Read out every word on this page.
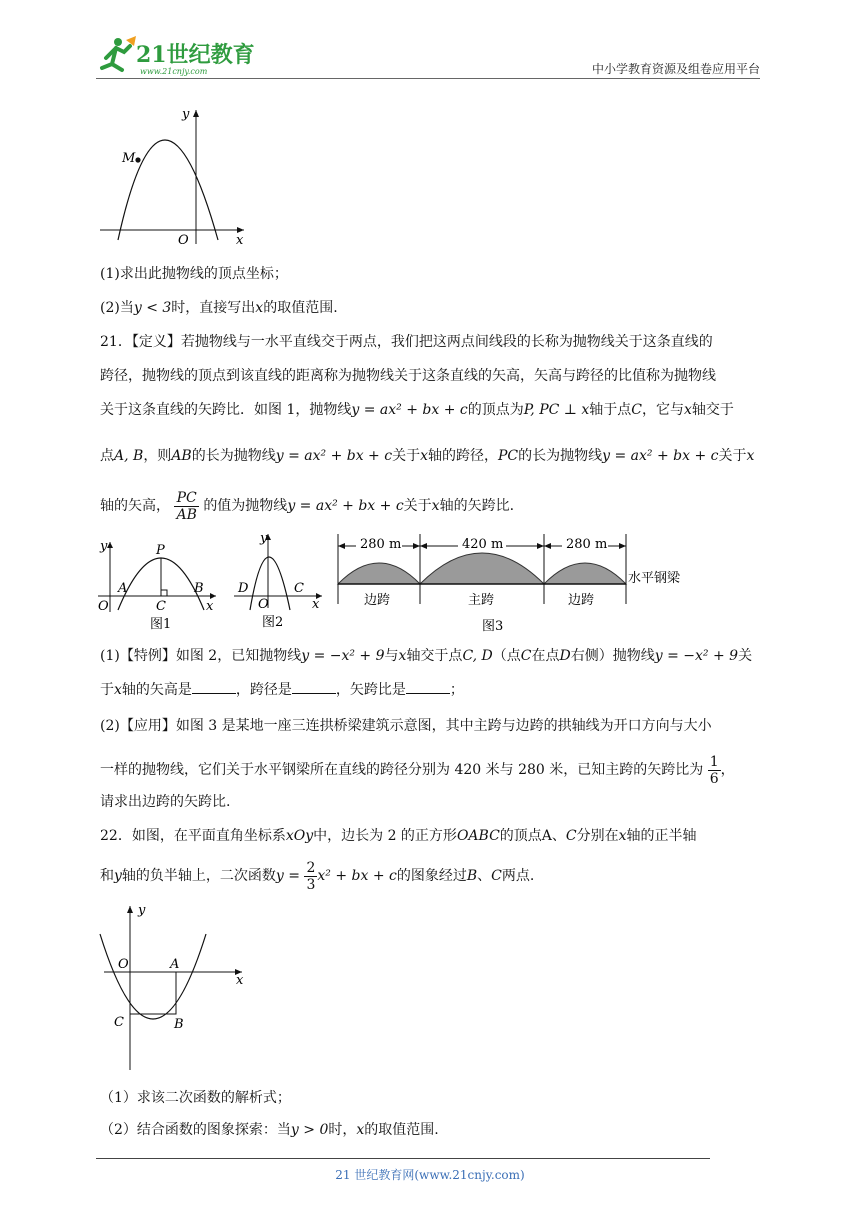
21世纪教育
www.21cnjy.com	中小学教育资源及组卷应用平台
y
x
O
M
(1)求出此抛物线的顶点坐标；
(2)当y < 3时，直接写出x的取值范围.
21．【定义】若抛物线与一水平直线交于两点，我们把这两点间线段的长称为抛物线关于这条直线的
跨径，抛物线的顶点到该直线的距离称为抛物线关于这条直线的矢高，矢高与跨径的比值称为抛物线
关于这条直线的矢跨比．如图 1，抛物线y = ax² + bx + c的顶点为P, PC ⊥ x轴于点C，它与x轴交于
点A, B，则AB的长为抛物线y = ax² + bx + c关于x轴的跨径，PC的长为抛物线y = ax² + bx + c关于x
轴的矢高， $\frac{PC}{AB}$ 的值为抛物线y = ax² + bx + c关于x轴的矢跨比.
y	P
A	B
C
O	x
图1
y
D	C
O	x
图2
280 m	420 m	280 m
水平钢梁
边跨	主跨	边跨
图3
(1)【特例】如图 2，已知抛物线y = −x² + 9与x轴交于点C, D（点C在点D右侧）抛物线y = −x² + 9关
于x轴的矢高是	，跨径是	，矢跨比是	；
(2)【应用】如图 3 是某地一座三连拱桥梁建筑示意图，其中主跨与边跨的拱轴线为开口方向与大小
一样的抛物线，它们关于水平钢梁所在直线的跨径分别为 420 米与 280 米，已知主跨的矢跨比为 $\frac{1}{6}$ ，
请求出边跨的矢跨比.
22．如图，在平面直角坐标系xOy中，边长为 2 的正方形OABC的顶点A、C分别在x轴的正半轴
和y轴的负半轴上，二次函数$y = \frac{2}{3} x^2$ + bx + c的图象经过B、C两点.
y
x
O	A
C	B
（1）求该二次函数的解析式；
（2）结合函数的图象探索：当y > 0时，x的取值范围.
21 世纪教育网(www.21cnjy.com)
